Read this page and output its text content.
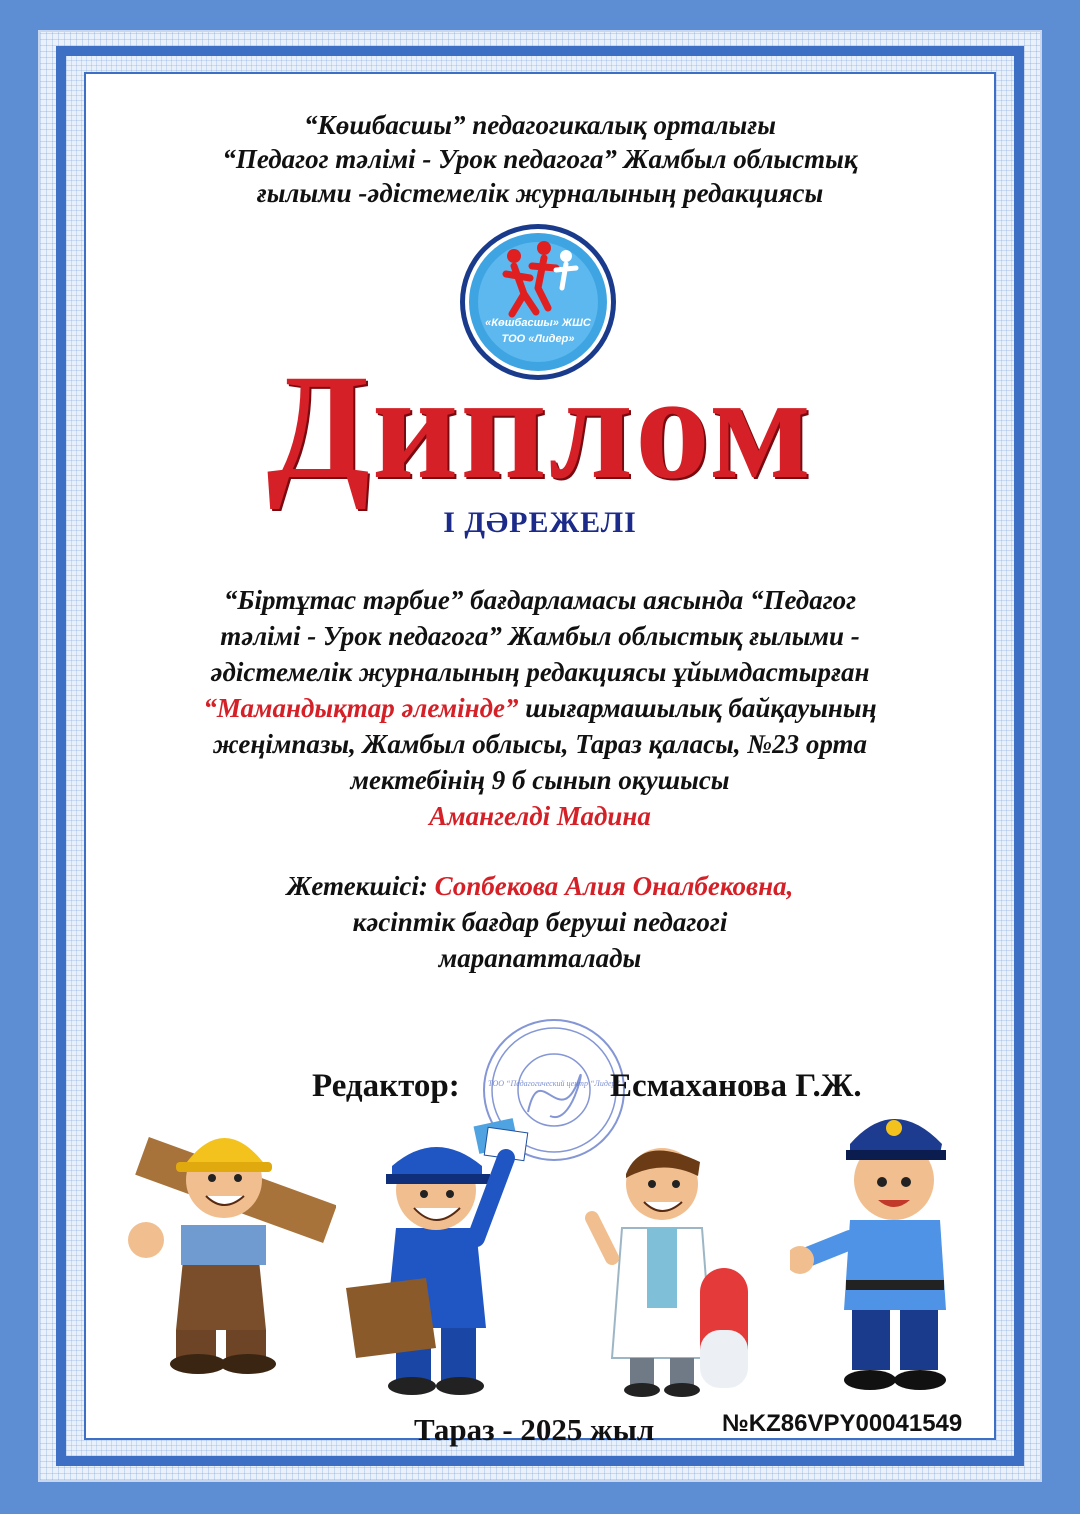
“Көшбасшы” педагогикалық орталығы
“Педагог тәлімі - Урок педагога” Жамбыл облыстық
ғылыми -әдістемелік журналының редакциясы
«Көшбасшы» ЖШС
ТОО «Лидер»
Диплом
I ДӘРЕЖЕЛІ
“Біртұтас тәрбие” бағдарламасы аясында “Педагог
тәлімі - Урок педагога” Жамбыл облыстық ғылыми -
әдістемелік журналының редакциясы ұйымдастырған
“Мамандықтар әлемінде” шығармашылық байқауының
жеңімпазы, Жамбыл облысы, Тараз қаласы, №23 орта
мектебінің 9 б сынып оқушысы
Амангелді Мадина
Жетекшісі: Сопбекова Алия Оналбековна,
кәсіптік бағдар беруші педагогі
марапатталады
ТОО “Педагогический центр “Лидер”
Редактор:	Есмаханова Г.Ж.
Тараз - 2025 жыл	№KZ86VPY00041549
